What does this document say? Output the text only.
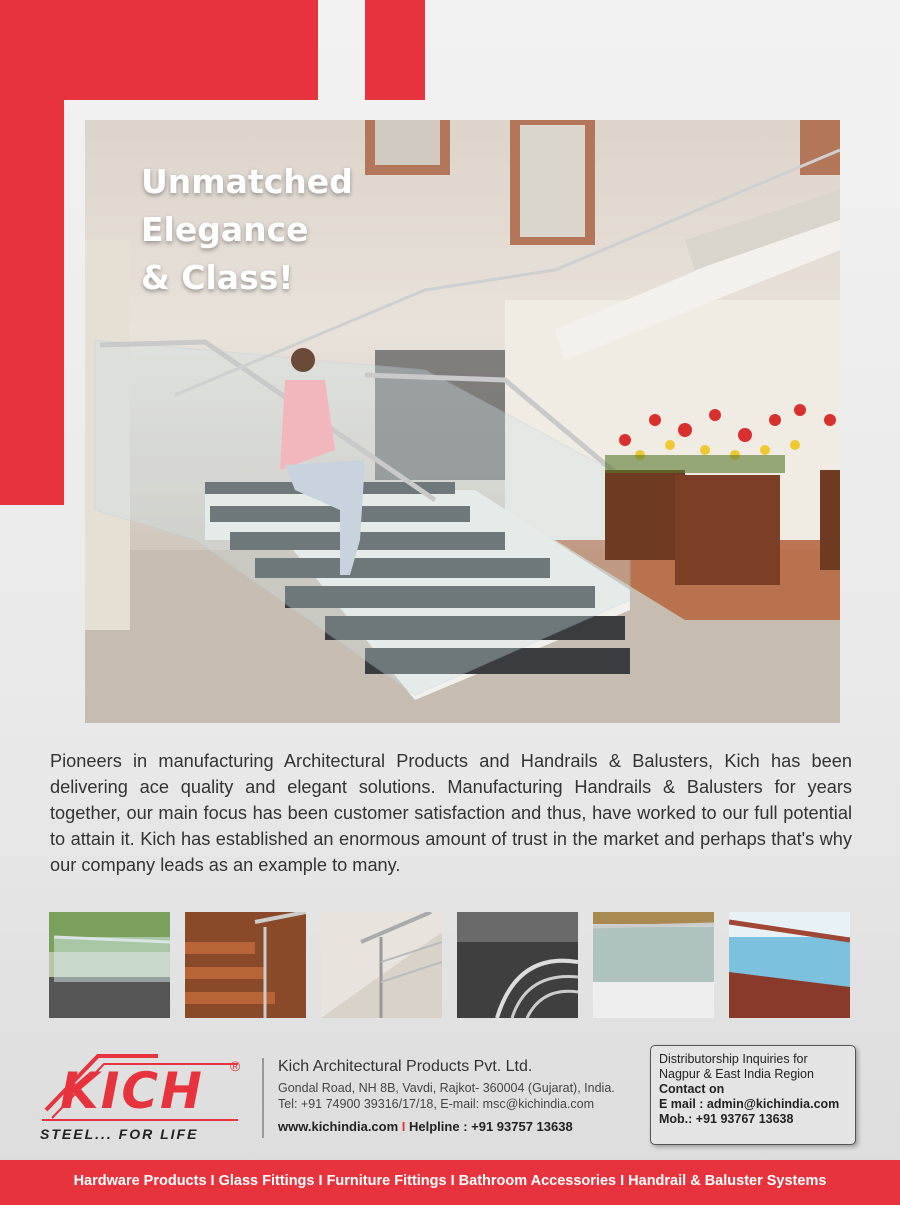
Unmatched
Elegance
& Class!

Pioneers in manufacturing Architectural Products and Handrails & Balusters, Kich has been delivering ace quality and elegant solutions. Manufacturing Handrails & Balusters for years together, our main focus has been customer satisfaction and thus, have worked to our full potential to attain it. Kich has established an enormous amount of trust in the market and perhaps that's why our company leads as an example to many.

KICH ®
STEEL... FOR LIFE

Kich Architectural Products Pvt. Ltd.

Gondal Road, NH 8B, Vavdi, Rajkot- 360004 (Gujarat), India.

Tel: +91 74900 39316/17/18, E-mail: msc@kichindia.com

www.kichindia.com I Helpline : +91 93757 13638
Distributorship Inquiries for
Nagpur & East India Region
Contact on
E mail : admin@kichindia.com
Mob.: +91 93767 13638
Hardware Products I Glass Fittings I Furniture Fittings I Bathroom Accessories I Handrail & Baluster Systems
